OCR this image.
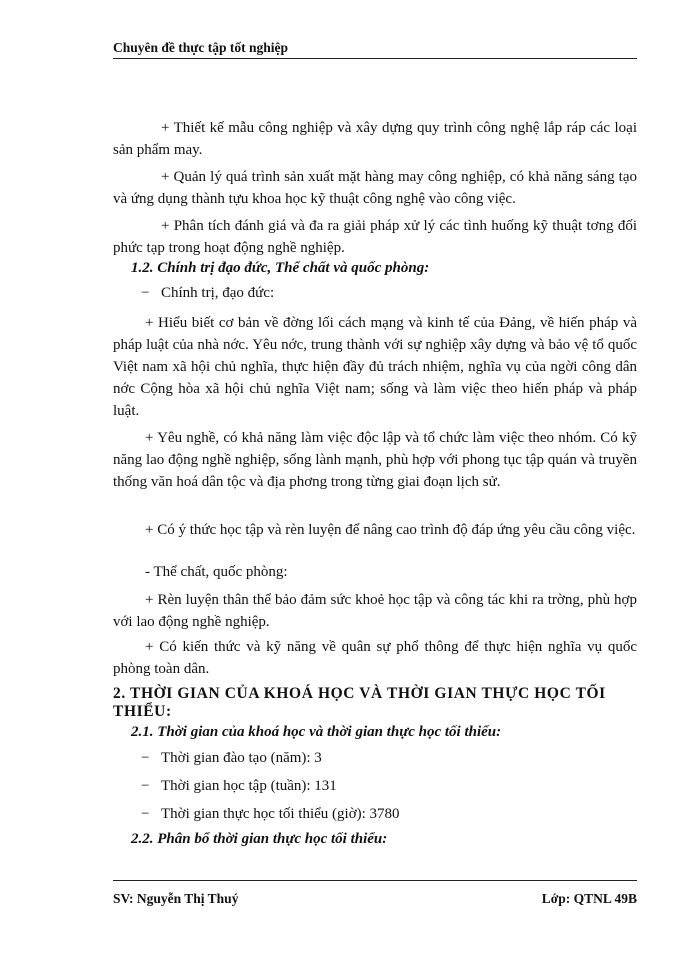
Chuyên đề thực tập tốt nghiệp
+ Thiết kế mẫu công nghiệp và xây dựng quy trình công nghệ lắp ráp các loại sản phẩm may.
+ Quản lý quá trình sản xuất mặt hàng may công nghiệp, có khả năng sáng tạo và ứng dụng thành tựu khoa học kỹ thuật công nghệ vào công việc.
+ Phân tích đánh giá và đa ra giải pháp xử lý các tình huống kỹ thuật tơng đối phức tạp trong hoạt động nghề nghiệp.
1.2. Chính trị đạo đức, Thể chất và quốc phòng:
− Chính trị, đạo đức:
+ Hiểu biết cơ bản về đờng lối cách mạng và kinh tế của Đảng, về hiến pháp và pháp luật của nhà nớc. Yêu nớc, trung thành với sự nghiệp xây dựng và bảo vệ tổ quốc Việt nam xã hội chủ nghĩa, thực hiện đầy đủ trách nhiệm, nghĩa vụ của ngời công dân nớc Cộng hòa xã hội chủ nghĩa Việt nam; sống và làm việc theo hiến pháp và pháp luật.
+ Yêu nghề, có khả năng làm việc độc lập và tổ chức làm việc theo nhóm. Có kỹ năng lao động nghề nghiệp, sống lành mạnh, phù hợp với phong tục tập quán và truyền thống văn hoá dân tộc và địa phơng trong từng giai đoạn lịch sử.
+ Có ý thức học tập và rèn luyện để nâng cao trình độ đáp ứng yêu cầu công việc.
- Thể chất, quốc phòng:
+ Rèn luyện thân thể bảo đảm sức khoẻ học tập và công tác khi ra trờng, phù hợp với lao động nghề nghiệp.
+ Có kiến thức và kỹ năng về quân sự phổ thông để thực hiện nghĩa vụ quốc phòng toàn dân.
2. THỜI GIAN CỦA KHOÁ HỌC VÀ THỜI GIAN THỰC HỌC TỐI THIỂU:
2.1. Thời gian của khoá học và thời gian thực học tối thiểu:
− Thời gian đào tạo (năm): 3
− Thời gian học tập (tuần): 131
− Thời gian thực học tối thiểu (giờ): 3780
2.2. Phân bổ thời gian thực học tối thiểu:
SV: Nguyễn Thị Thuý	Lớp: QTNL 49B
